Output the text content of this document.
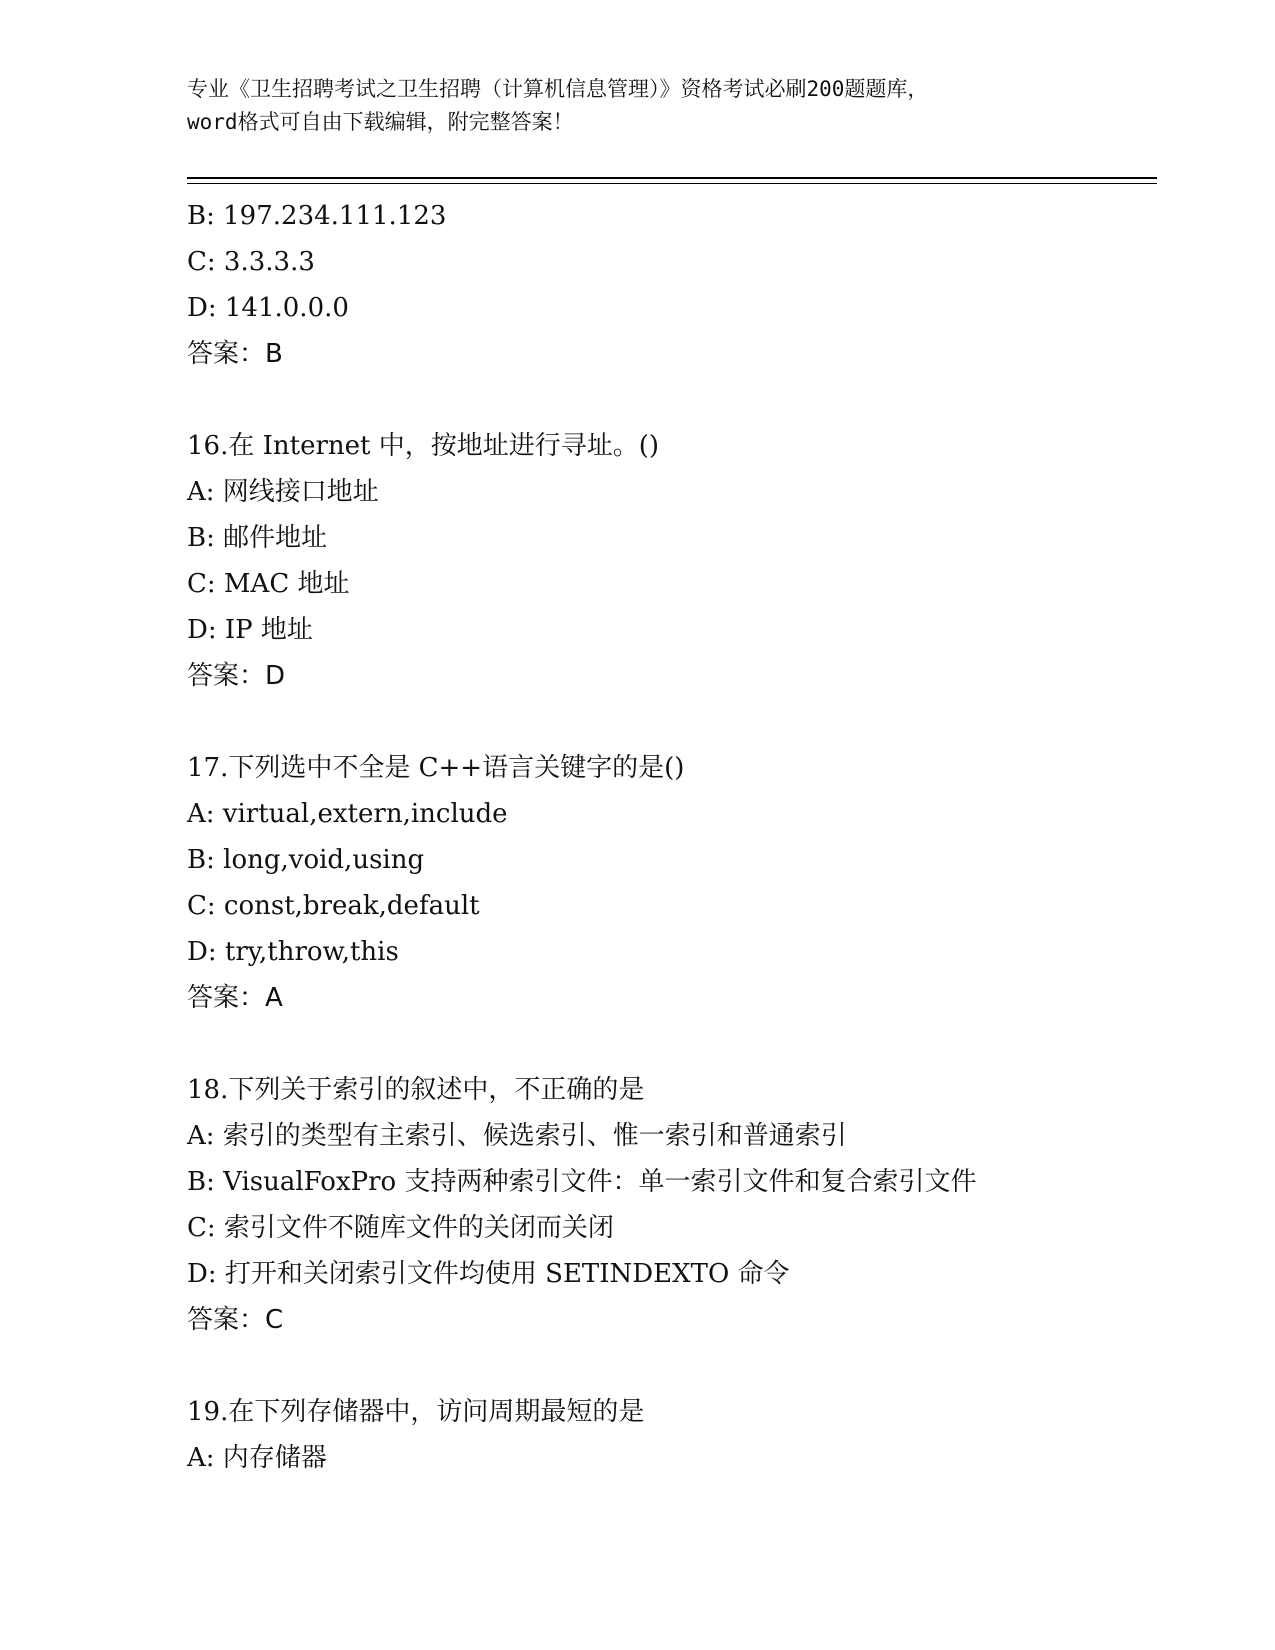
专业《卫生招聘考试之卫生招聘（计算机信息管理）》资格考试必刷200题题库，
word格式可自由下载编辑，附完整答案！
B: 197.234.111.123
C: 3.3.3.3
D: 141.0.0.0
答案：B
16.在 Internet 中，按地址进行寻址。()
A: 网线接口地址
B: 邮件地址
C: MAC 地址
D: IP 地址
答案：D
17.下列选中不全是 C++语言关键字的是()
A: virtual,extern,include
B: long,void,using
C: const,break,default
D: try,throw,this
答案：A
18.下列关于索引的叙述中，不正确的是
A: 索引的类型有主索引、候选索引、惟一索引和普通索引
B: VisualFoxPro 支持两种索引文件：单一索引文件和复合索引文件
C: 索引文件不随库文件的关闭而关闭
D: 打开和关闭索引文件均使用 SETINDEXTO 命令
答案：C
19.在下列存储器中，访问周期最短的是
A: 内存储器
